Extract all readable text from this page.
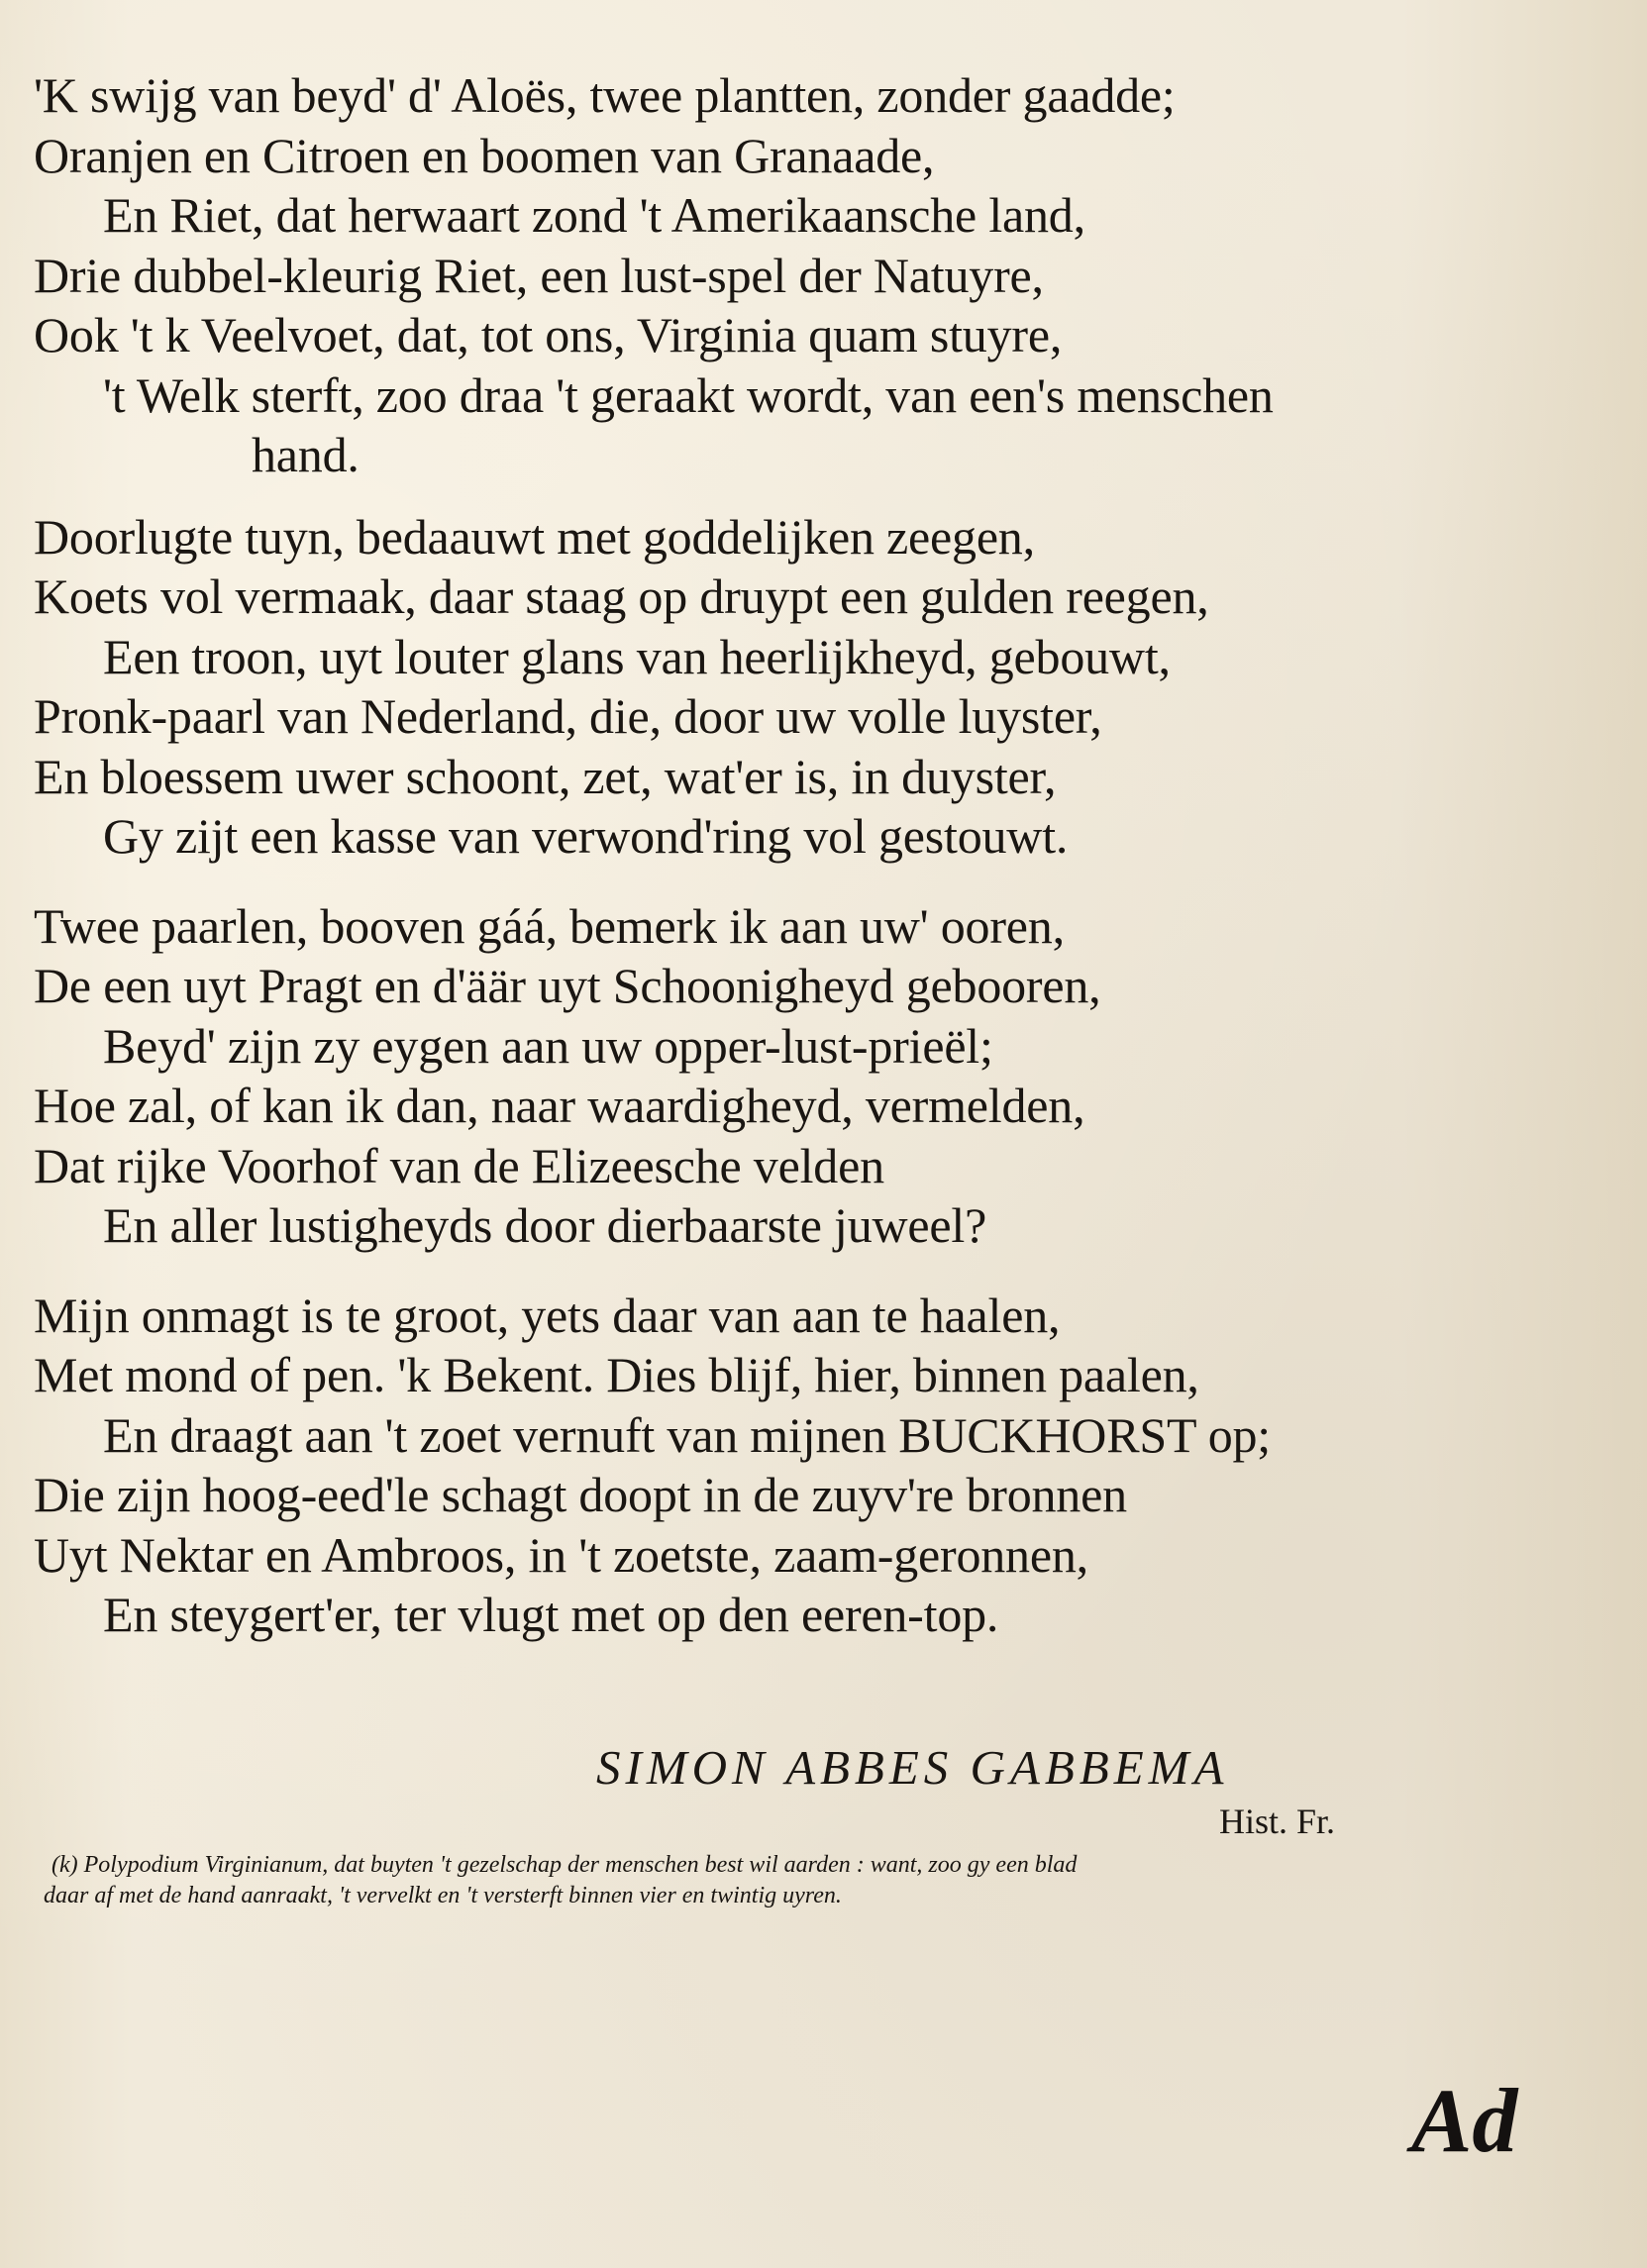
'K swijg van beyd' d' Aloës, twee plantten, zonder gaadde;
Oranjen en Citroen en boomen van Granaade,
En Riet, dat herwaart zond 't Amerikaansche land,
Drie dubbel-kleurig Riet, een lust-spel der Natuyre,
Ook 't k Veelvoet, dat, tot ons, Virginia quam stuyre,
't Welk sterft, zoo draa 't geraakt wordt, van een's menschen
hand.
Doorlugte tuyn, bedaauwt met goddelijken zeegen,
Koets vol vermaak, daar staag op druypt een gulden reegen,
Een troon, uyt louter glans van heerlijkheyd, gebouwt,
Pronk-paarl van Nederland, die, door uw volle luyster,
En bloessem uwer schoont, zet, wat'er is, in duyster,
Gy zijt een kasse van verwond'ring vol gestouwt.
Twee paarlen, booven gáá, bemerk ik aan uw' ooren,
De een uyt Pragt en d'äär uyt Schoonigheyd gebooren,
Beyd' zijn zy eygen aan uw opper-lust-prieël;
Hoe zal, of kan ik dan, naar waardigheyd, vermelden,
Dat rijke Voorhof van de Elizeesche velden
En aller lustigheyds door dierbaarste juweel?
Mijn onmagt is te groot, yets daar van aan te haalen,
Met mond of pen. 'k Bekent. Dies blijf, hier, binnen paalen,
En draagt aan 't zoet vernuft van mijnen BUCKHORST op;
Die zijn hoog-eed'le schagt doopt in de zuyv're bronnen
Uyt Nektar en Ambroos, in 't zoetste, zaam-geronnen,
En steygert'er, ter vlugt met op den eeren-top.
SIMON ABBES GABBEMA
Hist. Fr.
(k) Polypodium Virginianum, dat buyten 't gezelschap der menschen best wil aarden : want, zoo gy een blad
daar af met de hand aanraakt, 't vervelkt en 't versterft binnen vier en twintig uyren.
Ad
